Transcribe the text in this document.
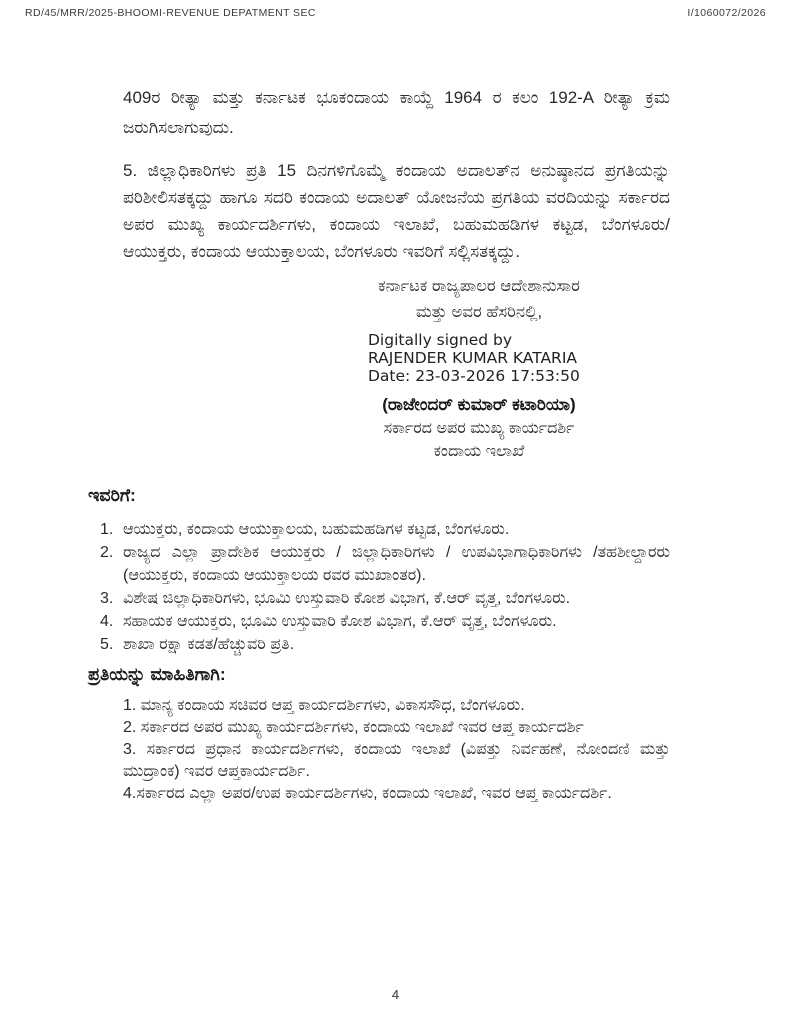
RD/45/MRR/2025-BHOOMI-REVENUE DEPATMENT SEC	I/1060072/2026

409ರ ರೀತ್ಯಾ ಮತ್ತು ಕರ್ನಾಟಕ ಭೂಕಂದಾಯ ಕಾಯ್ದೆ 1964 ರ ಕಲಂ 192-A ರೀತ್ಯಾ ಕ್ರಮ ಜರುಗಿಸಲಾಗುವುದು.

5. ಜಿಲ್ಲಾಧಿಕಾರಿಗಳು ಪ್ರತಿ 15 ದಿನಗಳಿಗೊಮ್ಮೆ ಕಂದಾಯ ಅದಾಲತ್‌ನ ಅನುಷ್ಠಾನದ ಪ್ರಗತಿಯನ್ನು ಪರಿಶೀಲಿಸತಕ್ಕದ್ದು ಹಾಗೂ ಸದರಿ ಕಂದಾಯ ಅದಾಲತ್ ಯೋಜನೆಯ ಪ್ರಗತಿಯ ವರದಿಯನ್ನು ಸರ್ಕಾರದ ಅಪರ ಮುಖ್ಯ ಕಾರ್ಯದರ್ಶಿಗಳು, ಕಂದಾಯ ಇಲಾಖೆ, ಬಹುಮಹಡಿಗಳ ಕಟ್ಟಡ, ಬೆಂಗಳೂರು/ ಆಯುಕ್ತರು, ಕಂದಾಯ ಆಯುಕ್ತಾಲಯ, ಬೆಂಗಳೂರು ಇವರಿಗೆ ಸಲ್ಲಿಸತಕ್ಕದ್ದು.

ಕರ್ನಾಟಕ ರಾಜ್ಯಪಾಲರ ಆದೇಶಾನುಸಾರ
ಮತ್ತು ಅವರ ಹೆಸರಿನಲ್ಲಿ,
Digitally signed by
RAJENDER KUMAR KATARIA
Date: 23-03-2026 17:53:50
(ರಾಜೇಂದರ್ ಕುಮಾರ್ ಕಟಾರಿಯಾ)
ಸರ್ಕಾರದ ಅಪರ ಮುಖ್ಯ ಕಾರ್ಯದರ್ಶಿ
ಕಂದಾಯ ಇಲಾಖೆ
ಇವರಿಗೆ:
1. ಆಯುಕ್ತರು, ಕಂದಾಯ ಆಯುಕ್ತಾಲಯ, ಬಹುಮಹಡಿಗಳ ಕಟ್ಟಡ, ಬೆಂಗಳೂರು.
2. ರಾಜ್ಯದ ಎಲ್ಲಾ ಪ್ರಾದೇಶಿಕ ಆಯುಕ್ತರು / ಜಿಲ್ಲಾಧಿಕಾರಿಗಳು / ಉಪವಿಭಾಗಾಧಿಕಾರಿಗಳು /ತಹಶೀಲ್ದಾರರು (ಆಯುಕ್ತರು, ಕಂದಾಯ ಆಯುಕ್ತಾಲಯ ರವರ ಮುಖಾಂತರ).
3. ವಿಶೇಷ ಜಿಲ್ಲಾಧಿಕಾರಿಗಳು, ಭೂಮಿ ಉಸ್ತುವಾರಿ ಕೋಶ ವಿಭಾಗ, ಕೆ.ಆರ್ ವೃತ್ತ, ಬೆಂಗಳೂರು.
4. ಸಹಾಯಕ ಆಯುಕ್ತರು, ಭೂಮಿ ಉಸ್ತುವಾರಿ ಕೋಶ ವಿಭಾಗ, ಕೆ.ಆರ್ ವೃತ್ತ, ಬೆಂಗಳೂರು.
5. ಶಾಖಾ ರಕ್ಷಾ ಕಡತ/ಹೆಚ್ಚುವರಿ ಪ್ರತಿ.
ಪ್ರತಿಯನ್ನು ಮಾಹಿತಿಗಾಗಿ:
1. ಮಾನ್ಯ ಕಂದಾಯ ಸಚಿವರ ಆಪ್ತ ಕಾರ್ಯದರ್ಶಿಗಳು, ವಿಕಾಸಸೌಧ, ಬೆಂಗಳೂರು.
2. ಸರ್ಕಾರದ ಅಪರ ಮುಖ್ಯ ಕಾರ್ಯದರ್ಶಿಗಳು, ಕಂದಾಯ ಇಲಾಖೆ ಇವರ ಆಪ್ತ ಕಾರ್ಯದರ್ಶಿ
3. ಸರ್ಕಾರದ ಪ್ರಧಾನ ಕಾರ್ಯದರ್ಶಿಗಳು, ಕಂದಾಯ ಇಲಾಖೆ (ವಿಪತ್ತು ನಿರ್ವಹಣೆ, ನೋಂದಣಿ ಮತ್ತು ಮುದ್ರಾಂಕ) ಇವರ ಆಪ್ತಕಾರ್ಯದರ್ಶಿ.
4.ಸರ್ಕಾರದ ಎಲ್ಲಾ ಅಪರ/ಉಪ ಕಾರ್ಯದರ್ಶಿಗಳು, ಕಂದಾಯ ಇಲಾಖೆ, ಇವರ ಆಪ್ತ ಕಾರ್ಯದರ್ಶಿ.
4
